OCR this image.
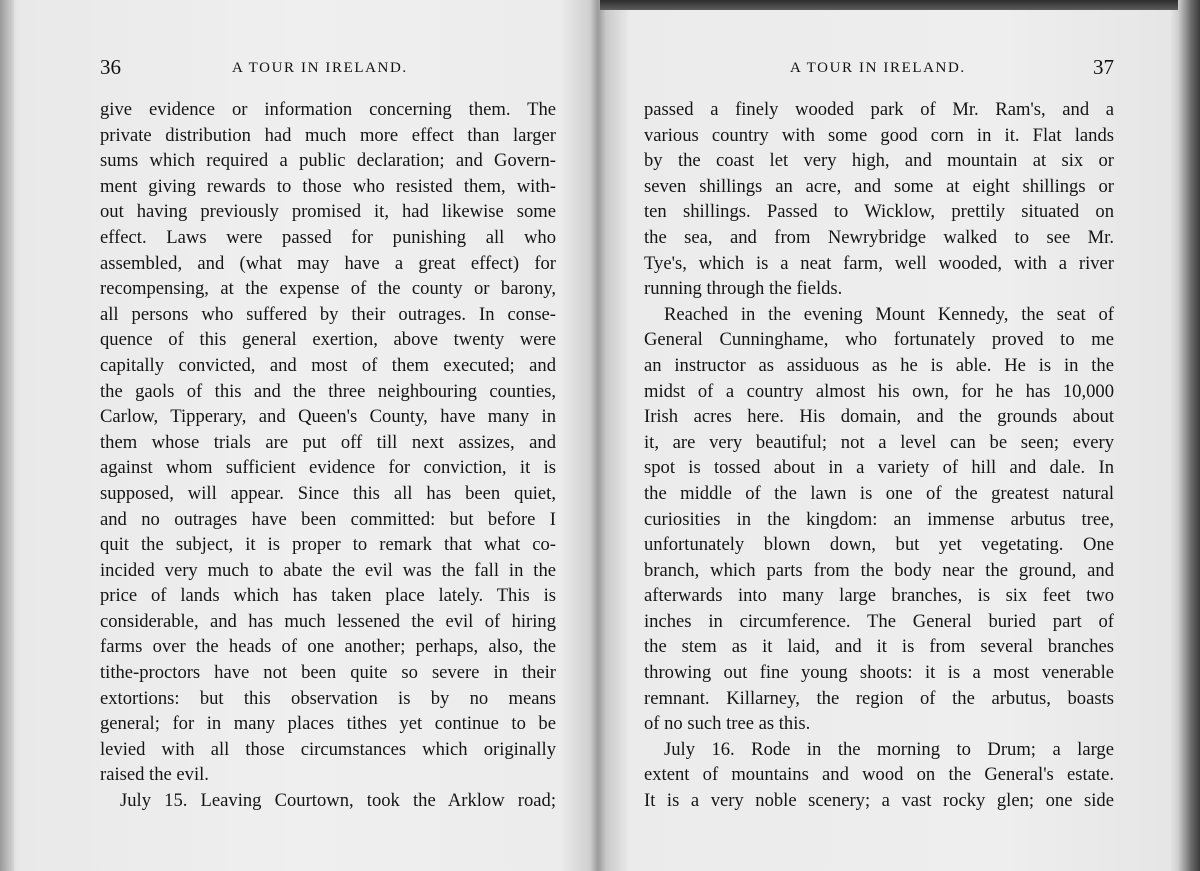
36	A TOUR IN IRELAND.
give evidence or information concerning them. The
private distribution had much more effect than larger
sums which required a public declaration; and Govern-
ment giving rewards to those who resisted them, with-
out having previously promised it, had likewise some
effect. Laws were passed for punishing all who
assembled, and (what may have a great effect) for
recompensing, at the expense of the county or barony,
all persons who suffered by their outrages. In conse-
quence of this general exertion, above twenty were
capitally convicted, and most of them executed; and
the gaols of this and the three neighbouring counties,
Carlow, Tipperary, and Queen's County, have many in
them whose trials are put off till next assizes, and
against whom sufficient evidence for conviction, it is
supposed, will appear. Since this all has been quiet,
and no outrages have been committed: but before I
quit the subject, it is proper to remark that what co-
incided very much to abate the evil was the fall in the
price of lands which has taken place lately. This is
considerable, and has much lessened the evil of hiring
farms over the heads of one another; perhaps, also, the
tithe-proctors have not been quite so severe in their
extortions: but this observation is by no means
general; for in many places tithes yet continue to be
levied with all those circumstances which originally
raised the evil.
July 15. Leaving Courtown, took the Arklow road;
A TOUR IN IRELAND.	37
passed a finely wooded park of Mr. Ram's, and a
various country with some good corn in it. Flat lands
by the coast let very high, and mountain at six or
seven shillings an acre, and some at eight shillings or
ten shillings. Passed to Wicklow, prettily situated on
the sea, and from Newrybridge walked to see Mr.
Tye's, which is a neat farm, well wooded, with a river
running through the fields.
Reached in the evening Mount Kennedy, the seat of
General Cunninghame, who fortunately proved to me
an instructor as assiduous as he is able. He is in the
midst of a country almost his own, for he has 10,000
Irish acres here. His domain, and the grounds about
it, are very beautiful; not a level can be seen; every
spot is tossed about in a variety of hill and dale. In
the middle of the lawn is one of the greatest natural
curiosities in the kingdom: an immense arbutus tree,
unfortunately blown down, but yet vegetating. One
branch, which parts from the body near the ground, and
afterwards into many large branches, is six feet two
inches in circumference. The General buried part of
the stem as it laid, and it is from several branches
throwing out fine young shoots: it is a most venerable
remnant. Killarney, the region of the arbutus, boasts
of no such tree as this.
July 16. Rode in the morning to Drum; a large
extent of mountains and wood on the General's estate.
It is a very noble scenery; a vast rocky glen; one side
